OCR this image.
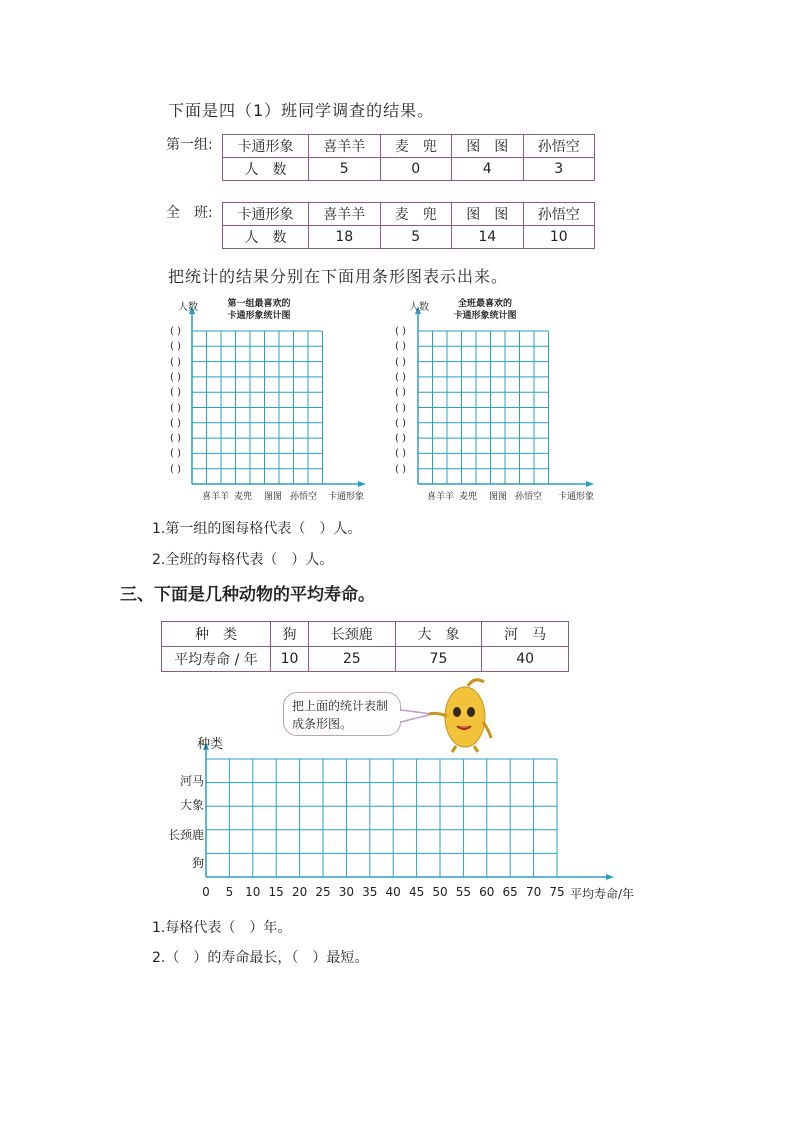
下面是四（1）班同学调查的结果。
第一组: 卡通形象	喜羊羊	麦　兜	图　图	孙悟空
人　数	5	0	4	3
全　班: 卡通形象	喜羊羊	麦　兜	图　图	孙悟空
人　数	18	5	14	10
把统计的结果分别在下面用条形图表示出来。
人数	第一组最喜欢的
卡通形象统计图
( )
( )
( )
( )
( )
( )
( )
( )
( )
( )
喜羊羊 麦兜 图图 孙悟空 卡通形象
人数	全班最喜欢的
卡通形象统计图
( )
( )
( )
( )
( )
( )
( )
( )
( )
( )
喜羊羊 麦兜 图图 孙悟空 卡通形象
1.第一组的图每格代表（　）人。
2.全班的每格代表（　）人。
三、下面是几种动物的平均寿命。
种　类	狗	长颈鹿	大　象	河　马
平均寿命 / 年	10	25	75	40
把上面的统计表制成条形图。
种类
河马
大象
长颈鹿
狗
0	5 10 15 20 25 30 35 40 45 50 55 60 65 70 75 平均寿命/年
1.每格代表（　）年。
2.（　）的寿命最长，（　）最短。
